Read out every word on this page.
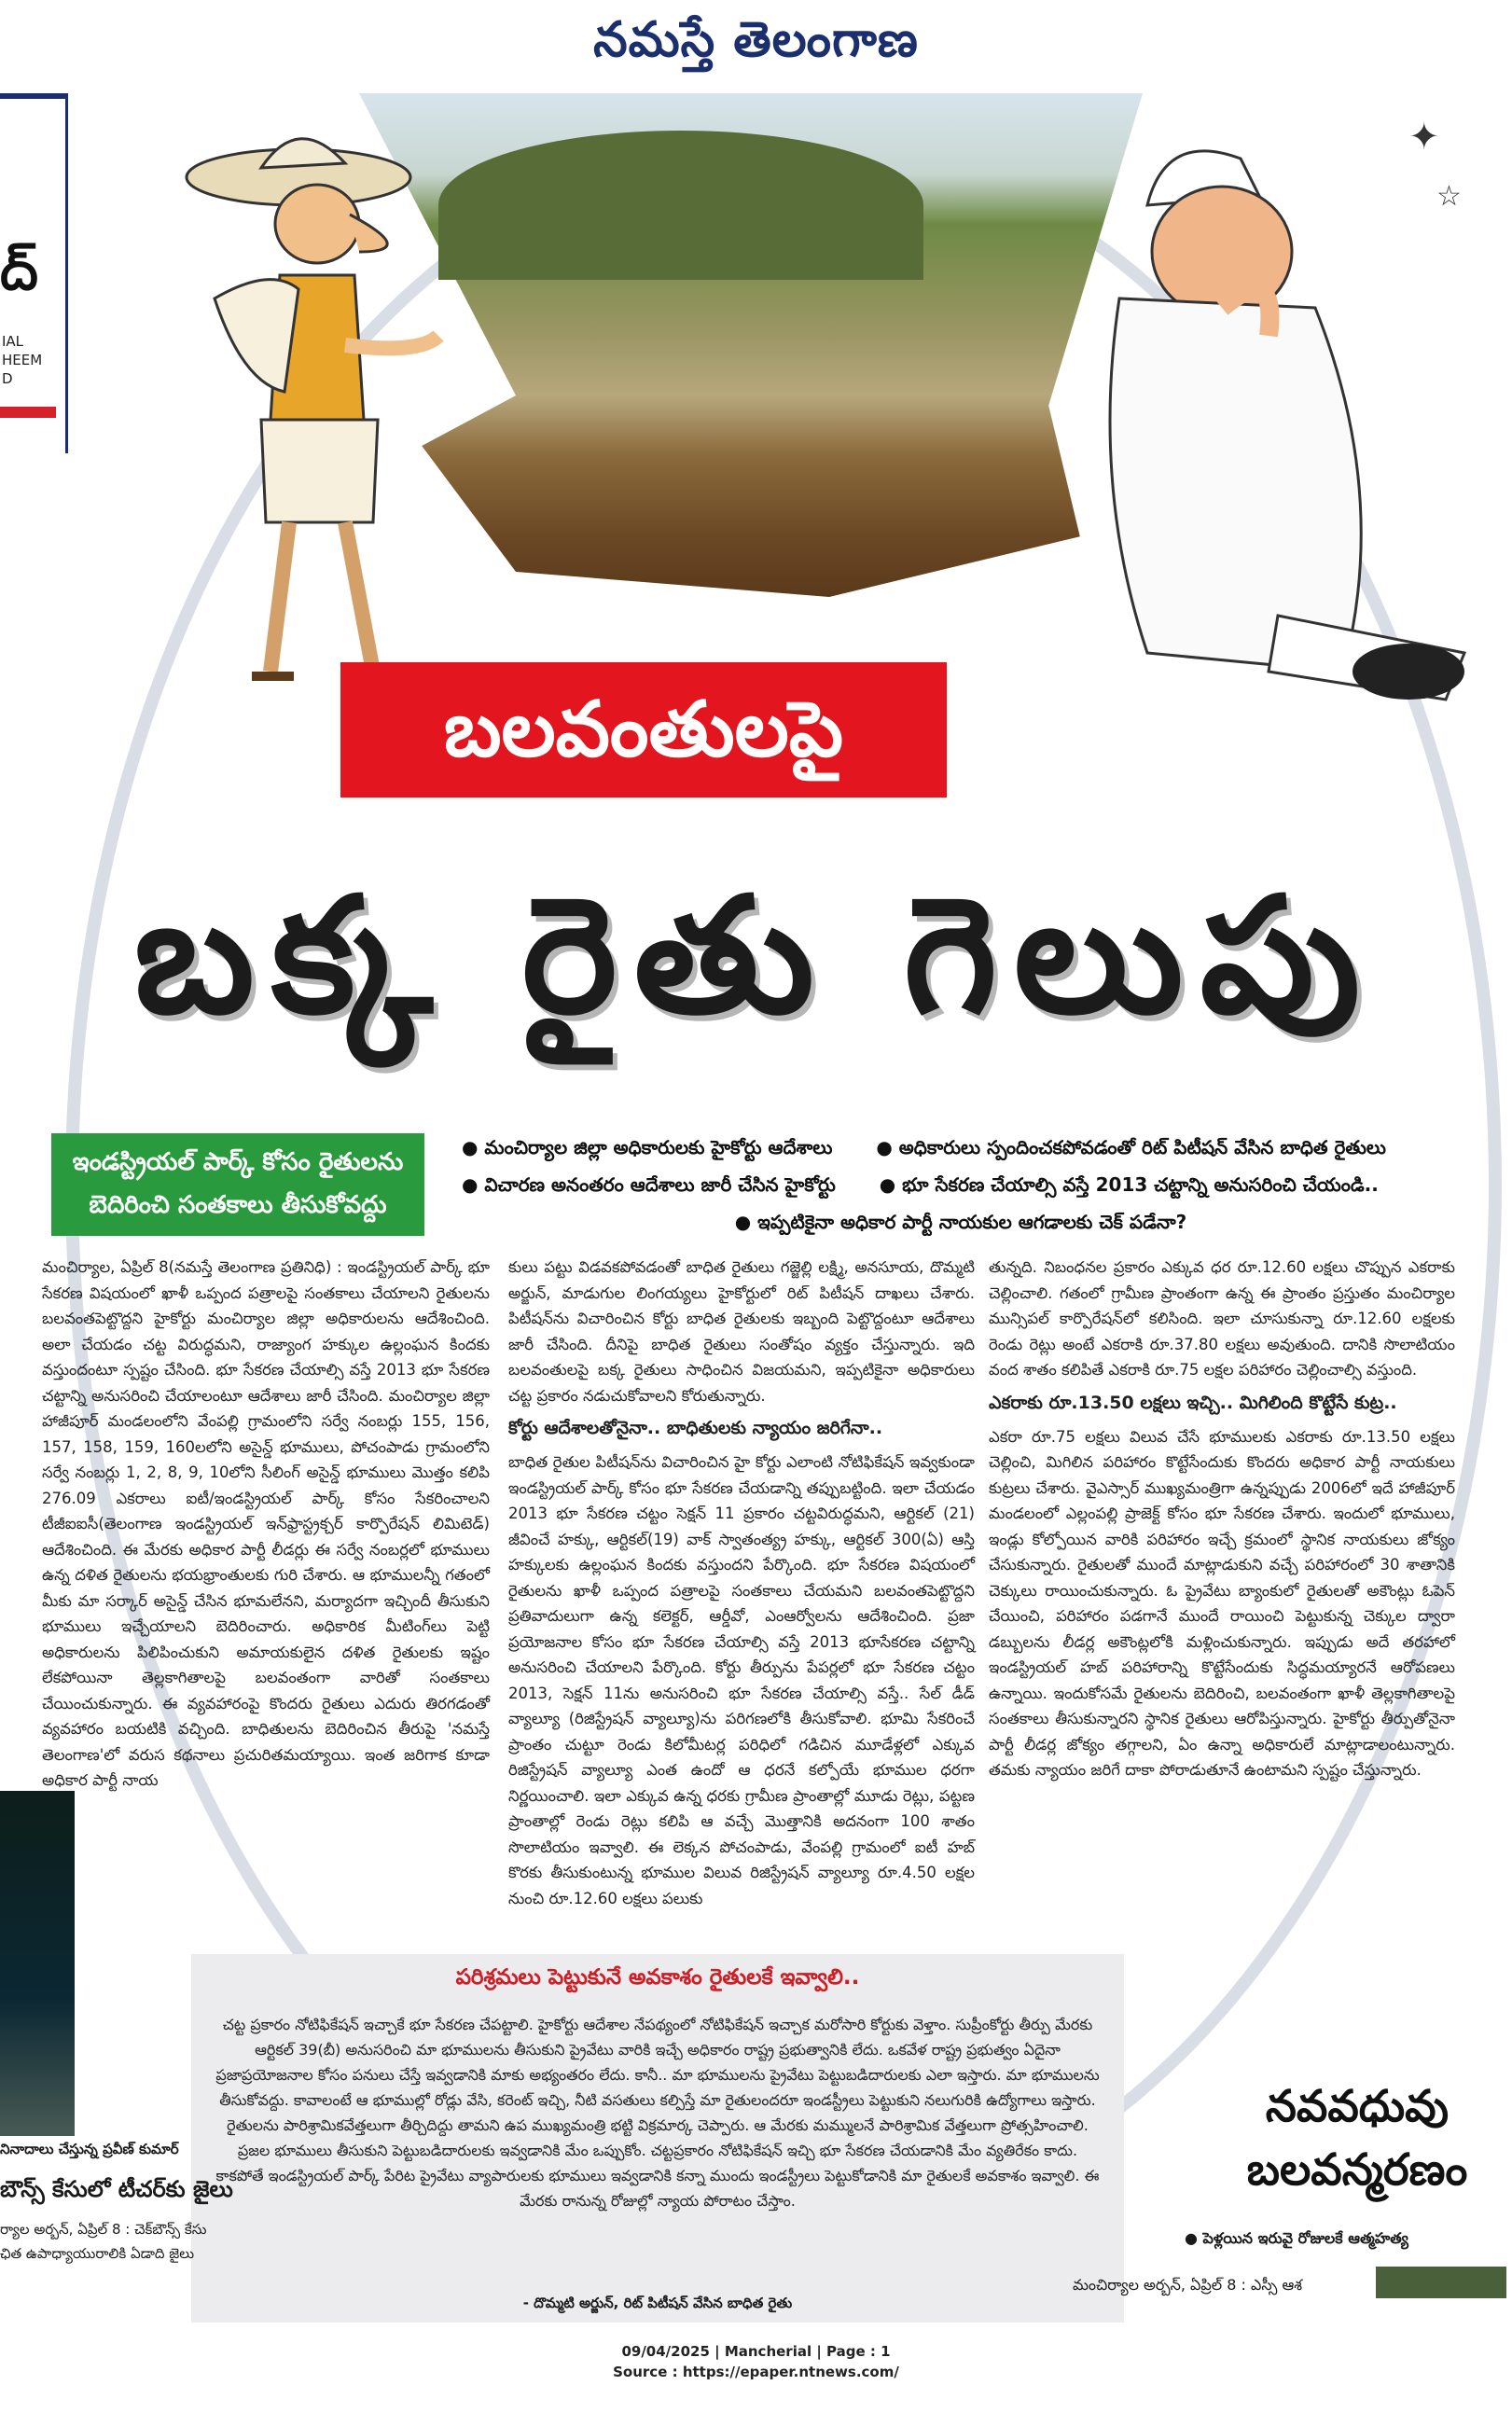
నమస్తే తెలంగాణ
ద్
IAL
HEEM
D
✦
☆
బలవంతులపై
బక్క రైతు గెలుపు
ఇండస్ట్రియల్ పార్క్ కోసం రైతులను
బెదిరించి సంతకాలు తీసుకోవద్దు
● మంచిర్యాల జిల్లా అధికారులకు హైకోర్టు ఆదేశాలు ● అధికారులు స్పందించకపోవడంతో రిట్ పిటీషన్ వేసిన బాధిత రైతులు
● విచారణ అనంతరం ఆదేశాలు జారీ చేసిన హైకోర్టు ● భూ సేకరణ చేయాల్సి వస్తే 2013 చట్టాన్ని అనుసరించి చేయండి..
● ఇప్పటికైనా అధికార పార్టీ నాయకుల ఆగడాలకు చెక్ పడేనా?

మంచిర్యాల, ఏప్రిల్ 8(నమస్తే తెలంగాణ ప్రతినిధి) : ఇండస్ట్రియల్ పార్క్ భూ సేకరణ విషయంలో ఖాళీ ఒప్పంద పత్రాలపై సంతకాలు చేయాలని రైతులను బలవంతపెట్టొద్దని హైకోర్టు మంచిర్యాల జిల్లా అధికారులను ఆదేశించింది. అలా చేయడం చట్ట విరుద్ధమని, రాజ్యాంగ హక్కుల ఉల్లంఘన కిందకు వస్తుందంటూ స్పష్టం చేసింది. భూ సేకరణ చేయాల్సి వస్తే 2013 భూ సేకరణ చట్టాన్ని అనుసరించి చేయాలంటూ ఆదేశాలు జారీ చేసింది. మంచిర్యాల జిల్లా హాజీపూర్ మండలంలోని వేంపల్లి గ్రామంలోని సర్వే నంబర్లు 155, 156, 157, 158, 159, 160లలోని అసైన్డ్ భూములు, పోచంపాడు గ్రామంలోని సర్వే నంబర్లు 1, 2, 8, 9, 10లోని సీలింగ్ అసైన్డ్ భూములు మొత్తం కలిపి 276.09 ఎకరాలు ఐటీ/ఇండస్ట్రియల్ పార్క్ కోసం సేకరించాలని టీజీఐఐసీ(తెలంగాణ ఇండస్ట్రియల్ ఇన్‌ఫ్రాస్ట్రక్చర్ కార్పొరేషన్ లిమిటెడ్) ఆదేశించింది. ఈ మేరకు అధికార పార్టీ లీడర్లు ఈ సర్వే నంబర్లలో భూములు ఉన్న దళిత రైతులను భయభ్రాంతులకు గురి చేశారు. ఆ భూములన్నీ గతంలో మీకు మా సర్కార్ అసైన్డ్ చేసిన భూమలేనని, మర్యాదగా ఇచ్చిందీ తీసుకుని భూములు ఇచ్చేయాలని బెదిరించారు. అధికారిక మీటింగ్‌లు పెట్టి అధికారులను పిలిపించుకుని అమాయకులైన దళిత రైతులకు ఇష్టం లేకపోయినా తెల్లకాగితాలపై బలవంతంగా వారితో సంతకాలు చేయించుకున్నారు. ఈ వ్యవహారంపై కొందరు రైతులు ఎదురు తిరగడంతో వ్యవహారం బయటికి వచ్చింది. బాధితులను బెదిరించిన తీరుపై 'నమస్తే తెలంగాణ'లో వరుస కథనాలు ప్రచురితమయ్యాయి. ఇంత జరిగాక కూడా అధికార పార్టీ నాయ

కులు పట్టు విడవకపోవడంతో బాధిత రైతులు గజ్జెల్లి లక్ష్మి, అనసూయ, దొమ్మటి అర్జున్, మాడుగుల లింగయ్యలు హైకోర్టులో రిట్ పిటీషన్ దాఖలు చేశారు. పిటీషన్‌ను విచారించిన కోర్టు బాధిత రైతులకు ఇబ్బంది పెట్టొద్దంటూ ఆదేశాలు జారీ చేసింది. దీనిపై బాధిత రైతులు సంతోషం వ్యక్తం చేస్తున్నారు. ఇది బలవంతులపై బక్క రైతులు సాధించిన విజయమని, ఇప్పటికైనా అధికారులు చట్ట ప్రకారం నడుచుకోవాలని కోరుతున్నారు.

కోర్టు ఆదేశాలతోనైనా.. బాధితులకు న్యాయం జరిగేనా..

బాధిత రైతుల పిటీషన్‌ను విచారించిన హై కోర్టు ఎలాంటి నోటిఫికేషన్ ఇవ్వకుండా ఇండస్ట్రియల్ పార్క్ కోసం భూ సేకరణ చేయడాన్ని తప్పుబట్టింది. ఇలా చేయడం 2013 భూ సేకరణ చట్టం సెక్షన్ 11 ప్రకారం చట్టవిరుద్ధమని, ఆర్టికల్ (21) జీవించే హక్కు, ఆర్టికల్(19) వాక్ స్వాతంత్య్ర హక్కు, ఆర్టికల్ 300(ఏ) ఆస్తి హక్కులకు ఉల్లంఘన కిందకు వస్తుందని పేర్కొంది. భూ సేకరణ విషయంలో రైతులను ఖాళీ ఒప్పంద పత్రాలపై సంతకాలు చేయమని బలవంతపెట్టొద్దని ప్రతివాదులుగా ఉన్న కలెక్టర్, ఆర్డీవో, ఎంఆర్వోలను ఆదేశించింది. ప్రజా ప్రయోజనాల కోసం భూ సేకరణ చేయాల్సి వస్తే 2013 భూసేకరణ చట్టాన్ని అనుసరించి చేయాలని పేర్కొంది. కోర్టు తీర్పును పేపర్లలో భూ సేకరణ చట్టం 2013, సెక్షన్ 11ను అనుసరించి భూ సేకరణ చేయాల్సి వస్తే.. సేల్ డీడ్ వ్యాల్యూ (రిజిస్ట్రేషన్ వ్యాల్యూ)ను పరిగణలోకి తీసుకోవాలి. భూమి సేకరించే ప్రాంతం చుట్టూ రెండు కిలోమీటర్ల పరిధిలో గడిచిన మూడేళ్లలో ఎక్కువ రిజిస్ట్రేషన్ వ్యాల్యూ ఎంత ఉందో ఆ ధరనే కల్పోయే భూముల ధరగా నిర్ణయించాలి. ఇలా ఎక్కువ ఉన్న ధరకు గ్రామీణ ప్రాంతాల్లో మూడు రెట్లు, పట్టణ ప్రాంతాల్లో రెండు రెట్లు కలిపి ఆ వచ్చే మొత్తానికి అదనంగా 100 శాతం సొలాటియం ఇవ్వాలి. ఈ లెక్కన పోచంపాడు, వేంపల్లి గ్రామంలో ఐటీ హబ్ కొరకు తీసుకుంటున్న భూముల విలువ రిజిస్ట్రేషన్ వ్యాల్యూ రూ.4.50 లక్షల నుంచి రూ.12.60 లక్షలు పలుకు

తున్నది. నిబంధనల ప్రకారం ఎక్కువ ధర రూ.12.60 లక్షలు చొప్పున ఎకరాకు చెల్లించాలి. గతంలో గ్రామీణ ప్రాంతంగా ఉన్న ఈ ప్రాంతం ప్రస్తుతం మంచిర్యాల మున్సిపల్ కార్పొరేషన్‌లో కలిసింది. ఇలా చూసుకున్నా రూ.12.60 లక్షలకు రెండు రెట్లు అంటే ఎకరాకి రూ.37.80 లక్షలు అవుతుంది. దానికి సొలాటియం వంద శాతం కలిపితే ఎకరాకి రూ.75 లక్షల పరిహారం చెల్లించాల్సి వస్తుంది.

ఎకరాకు రూ.13.50 లక్షలు ఇచ్చి.. మిగిలింది కొట్టేసే కుట్ర..

ఎకరా రూ.75 లక్షలు విలువ చేసే భూములకు ఎకరాకు రూ.13.50 లక్షలు చెల్లించి, మిగిలిన పరిహారం కొట్టేసేందుకు కొందరు అధికార పార్టీ నాయకులు కుట్రలు చేశారు. వైఎస్సార్ ముఖ్యమంత్రిగా ఉన్నప్పుడు 2006లో ఇదే హాజీపూర్ మండలంలో ఎల్లంపల్లి ప్రాజెక్ట్ కోసం భూ సేకరణ చేశారు. ఇందులో భూములు, ఇండ్లు కోల్పోయిన వారికి పరిహారం ఇచ్చే క్రమంలో స్థానిక నాయకులు జోక్యం చేసుకున్నారు. రైతులతో ముందే మాట్లాడుకుని వచ్చే పరిహారంలో 30 శాతానికి చెక్కులు రాయించుకున్నారు. ఓ ప్రైవేటు బ్యాంకులో రైతులతో అకౌంట్లు ఓపెన్ చేయించి, పరిహారం పడగానే ముందే రాయించి పెట్టుకున్న చెక్కుల ద్వారా డబ్బులను లీడర్ల అకౌంట్లలోకి మళ్లించుకున్నారు. ఇప్పుడు అదే తరహాలో ఇండస్ట్రియల్ హబ్ పరిహారాన్ని కొట్టేసేందుకు సిద్ధమయ్యారనే ఆరోపణలు ఉన్నాయి. ఇందుకోసమే రైతులను బెదిరించి, బలవంతంగా ఖాళీ తెల్లకాగితాలపై సంతకాలు తీసుకున్నారని స్థానిక రైతులు ఆరోపిస్తున్నారు. హైకోర్టు తీర్పుతోనైనా పార్టీ లీడర్ల జోక్యం తగ్గాలని, ఏం ఉన్నా అధికారులే మాట్లాడాలంటున్నారు. తమకు న్యాయం జరిగే దాకా పోరాడుతూనే ఉంటామని స్పష్టం చేస్తున్నారు.

పరిశ్రమలు పెట్టుకునే అవకాశం రైతులకే ఇవ్వాలి..
చట్ట ప్రకారం నోటిఫికేషన్ ఇచ్చాకే భూ సేకరణ చేపట్టాలి. హైకోర్టు ఆదేశాల నేపథ్యంలో నోటిఫికేషన్ ఇచ్చాక మరోసారి కోర్టుకు వెళ్తాం. సుప్రీంకోర్టు తీర్పు మేరకు ఆర్టికల్ 39(బీ) అనుసరించి మా భూములను తీసుకుని ప్రైవేటు వారికి ఇచ్చే అధికారం రాష్ట్ర ప్రభుత్వానికి లేదు. ఒకవేళ రాష్ట్ర ప్రభుత్వం ఏదైనా ప్రజాప్రయోజనాల కోసం పనులు చేస్తే ఇవ్వడానికి మాకు అభ్యంతరం లేదు. కానీ.. మా భూములను ప్రైవేటు పెట్టుబడిదారులకు ఎలా ఇస్తారు. మా భూములను తీసుకోవద్దు. కావాలంటే ఆ భూముల్లో రోడ్లు వేసి, కరెంట్ ఇచ్చి, నీటి వసతులు కల్పిస్తే మా రైతులందరూ ఇండస్ట్రీలు పెట్టుకుని నలుగురికి ఉద్యోగాలు ఇస్తారు. రైతులను పారిశ్రామికవేత్తలుగా తీర్చిదిద్దు తామని ఉప ముఖ్యమంత్రి భట్టి విక్రమార్క చెప్పారు. ఆ మేరకు మమ్ములనే పారిశ్రామిక వేత్తలుగా ప్రోత్సహించాలి. ప్రజల భూములు తీసుకుని పెట్టుబడిదారులకు ఇవ్వడానికి మేం ఒప్పుకోం. చట్టప్రకారం నోటిఫికేషన్ ఇచ్చి భూ సేకరణ చేయడానికి మేం వ్యతిరేకం కాదు. కాకపోతే ఇండస్ట్రియల్ పార్క్ పేరిట ప్రైవేటు వ్యాపారులకు భూములు ఇవ్వడానికి కన్నా ముందు ఇండస్ట్రీలు పెట్టుకోడానికి మా రైతులకే అవకాశం ఇవ్వాలి. ఈ మేరకు రానున్న రోజుల్లో న్యాయ పోరాటం చేస్తాం.
- దొమ్మటి అర్జున్, రిట్ పిటీషన్ వేసిన బాధిత రైతు
నవవధువు
బలవన్మరణం
● పెళ్లయిన ఇరువై రోజులకే ఆత్మహత్య
మంచిర్యాల అర్బన్, ఏప్రిల్ 8 : ఎస్సీ ఆశ
నినాదాలు చేస్తున్న ప్రవీణ్ కుమార్
బౌన్స్ కేసులో టీచర్‌కు జైలు
ర్యాల అర్బన్, ఏప్రిల్ 8 : చెక్‌బౌన్స్ కేసు
ఛిత ఉపాధ్యాయురాలికి ఏడాది జైలు
09/04/2025 | Mancherial | Page : 1
Source : https://epaper.ntnews.com/
